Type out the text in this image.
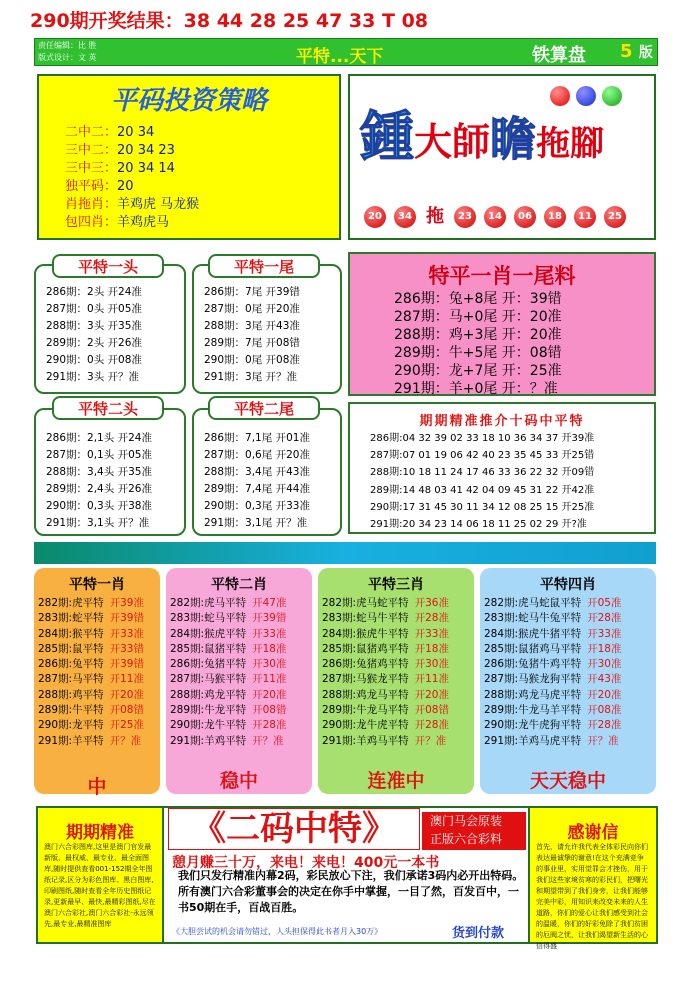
290期开奖结果：38 44 28 25 47 33 T 08
责任编辑：比 胜
版式设计：文 英	平特...天下	铁算盘 5 版
平码投资策略
二中二：20 34
三中二：20 34 23
三中三：20 34 14
独平码：20
肖拖肖：羊鸡虎 马龙猴
包四肖：羊鸡虎马
鍾大師瞻拖腳
20	34 拖	23	14	06	18	11	25
286期：2头 开24准
287期：0头 开05准
288期：3头 开35准
289期：2头 开26准
290期：0头 开08准
291期：3头 开？准
平特一头
286期：7尾 开39错
287期：0尾 开20准
288期：3尾 开43准
289期：7尾 开08错
290期：0尾 开08准
291期：3尾 开？准
平特一尾
286期：2,1头 开24准
287期：0,1头 开05准
288期：3,4头 开35准
289期：2,4头 开26准
290期：0,3头 开38准
291期：3,1头 开？准
平特二头
286期：7,1尾 开01准
287期：0,6尾 开20准
288期：3,4尾 开43准
289期：7,4尾 开44准
290期：0,3尾 开33准
291期：3,1尾 开？准
平特二尾
特平一肖一尾料
286期：兔+8尾 开：39错
287期：马+0尾 开：20准
288期：鸡+3尾 开：20准
289期：牛+5尾 开：08错
290期：龙+7尾 开：25准
291期：羊+0尾 开：？准
期期精准推介十码中平特
286期:04 32 39 02 33 18 10 36 34 37 开39准
287期:07 01 19 06 42 40 23 35 45 33 开25错
288期:10 18 11 24 17 46 33 36 22 32 开09错
289期:14 48 03 41 42 04 09 45 31 22 开42准
290期:17 31 45 30 11 34 12 08 25 15 开25准
291期:20 34 23 14 06 18 11 25 02 29 开?准
平特一肖
282期:虎平特 开39准
283期:蛇平特 开39错
284期:猴平特 开33准
285期:鼠平特 开33错
286期:兔平特 开39错
287期:马平特 开11准
288期:鸡平特 开20准
289期:牛平特 开08错
290期:龙平特 开25准
291期:羊平特 开？准
中
平特二肖
282期:虎马平特 开47准
283期:蛇马平特 开39错
284期:猴虎平特 开33准
285期:鼠猪平特 开18准
286期:兔猪平特 开30准
287期:马猴平特 开11准
288期:鸡龙平特 开20准
289期:牛龙平特 开08错
290期:龙牛平特 开28准
291期:羊鸡平特 开？准
稳中
平特三肖
282期:虎马蛇平特 开36准
283期:蛇马牛平特 开28准
284期:猴虎牛平特 开33准
285期:鼠猪鸡平特 开18准
286期:兔猪鸡平特 开30准
287期:马猴龙平特 开11准
288期:鸡龙马平特 开20准
289期:牛龙马平特 开08错
290期:龙牛虎平特 开28准
291期:羊鸡马平特 开？准
连准中
平特四肖
282期:虎马蛇鼠平特 开05准
283期:蛇马牛兔平特 开28准
284期:猴虎牛猪平特 开33准
285期:鼠猪鸡马平特 开18准
286期:兔猪牛鸡平特 开30准
287期:马猴龙狗平特 开43准
288期:鸡龙马虎平特 开20准
289期:牛龙马羊平特 开08准
290期:龙牛虎狗平特 开28准
291期:羊鸡马虎平特 开？准
天天稳中
期期精准
澳门六合彩图库,这里是澳门官发最新版、最权威、最专业、最全面图库,随时提供查看001-152期全年图纸记录,区分为彩色图库、黑白图库,印刷图纸,随时查看全年历史图纸记录,更新最早、最快,最精彩图纸,尽在澳门六合彩社,澳门六合彩社-永远领先,最专业,最精准图库
《二码中特》	澳门马会原装
正版六合彩料
憩月赚三十万，来电！来电！400元一本书
我们只发行精准内幕2码，彩民放心下注，我们承诺3码内必开出特码。所有澳门六合彩董事会的决定在你手中掌握，一目了然，百发百中，一书50期在手，百战百胜。
《大胆尝试的机会请勿错过，人头担保得此书者月入30万》	货到付款
感谢信
首先，请允许我代表全体彩民向你们表达最诚挚的谢意!在这个充满竞争的事业里，实用觉罪会才挫伤，用于我们这些家境贫寒的彩民们，把曙光和期望带到了我们身旁，让我们能够完美中彩，用知识来改变未来的人生道路，你们的爱心让我们感受到社会的温暖，你们的好彩免除了我们贫困的厄阀之忧，让我们渴望新生活的心信得盛
